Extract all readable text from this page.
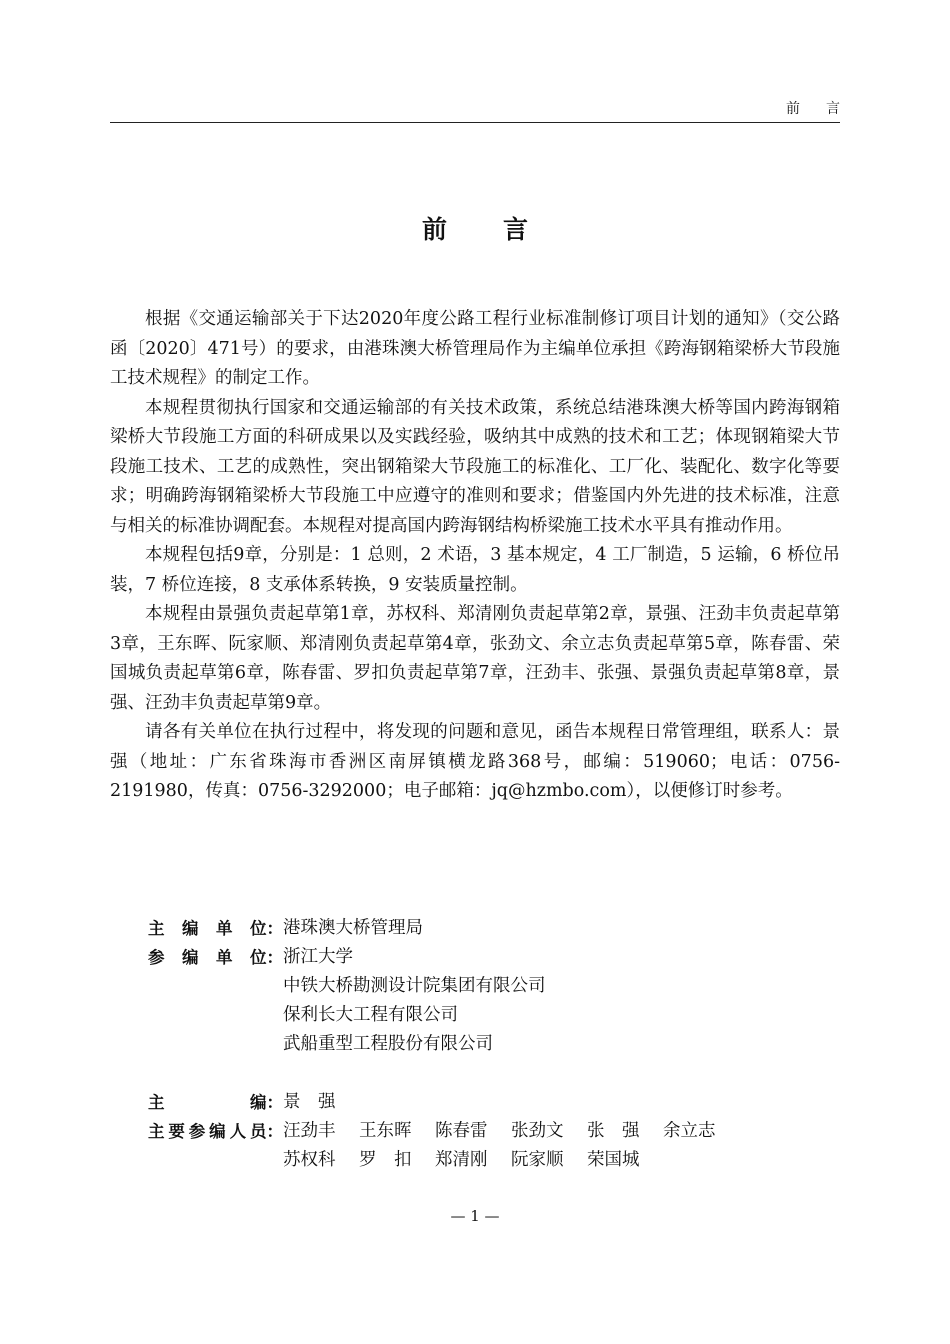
前言
前言

根据《交通运输部关于下达2020年度公路工程行业标准制修订项目计划的通知》（交公路函〔2020〕471号）的要求，由港珠澳大桥管理局作为主编单位承担《跨海钢箱梁桥大节段施工技术规程》的制定工作。

本规程贯彻执行国家和交通运输部的有关技术政策，系统总结港珠澳大桥等国内跨海钢箱梁桥大节段施工方面的科研成果以及实践经验，吸纳其中成熟的技术和工艺；体现钢箱梁大节段施工技术、工艺的成熟性，突出钢箱梁大节段施工的标准化、工厂化、装配化、数字化等要求；明确跨海钢箱梁桥大节段施工中应遵守的准则和要求；借鉴国内外先进的技术标准，注意与相关的标准协调配套。本规程对提高国内跨海钢结构桥梁施工技术水平具有推动作用。

本规程包括9章，分别是：1 总则，2 术语，3 基本规定，4 工厂制造，5 运输，6 桥位吊装，7 桥位连接，8 支承体系转换，9 安装质量控制。

本规程由景强负责起草第1章，苏权科、郑清刚负责起草第2章，景强、汪劲丰负责起草第3章，王东晖、阮家顺、郑清刚负责起草第4章，张劲文、余立志负责起草第5章，陈春雷、荣国城负责起草第6章，陈春雷、罗扣负责起草第7章，汪劲丰、张强、景强负责起草第8章，景强、汪劲丰负责起草第9章。

请各有关单位在执行过程中，将发现的问题和意见，函告本规程日常管理组，联系人：景强（地址：广东省珠海市香洲区南屏镇横龙路368号，邮编：519060；电话：0756-2191980，传真：0756-3292000；电子邮箱：jq@hzmbo.com），以便修订时参考。

主 编 单 位： 港珠澳大桥管理局
参 编 单 位： 浙江大学
中铁大桥勘测设计院集团有限公司
保利长大工程有限公司
武船重型工程股份有限公司
主	编： 景 强
主 要 参 编 人 员： 汪劲丰	王东晖	陈春雷	张劲文	张 强	余立志
苏权科	罗 扣	郑清刚	阮家顺	荣国城
— 1 —
